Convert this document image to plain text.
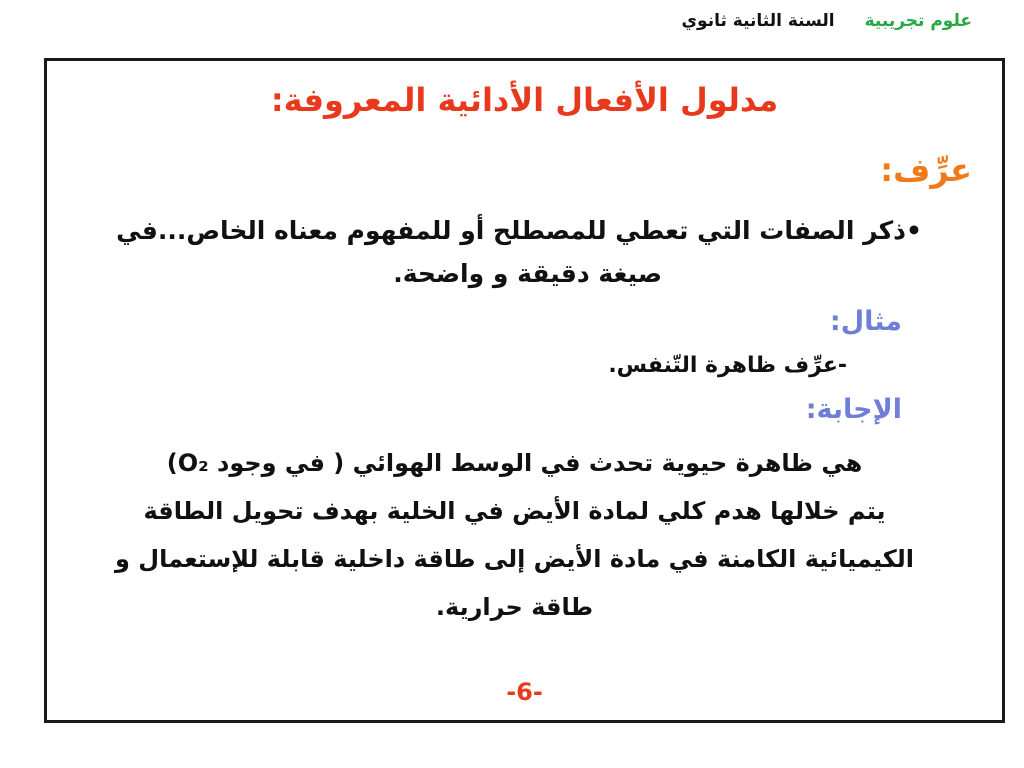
السنة الثانية ثانوي علوم تجريبية
مدلول الأفعال الأدائية المعروفة:
عرِّف:
•ذكر الصفات التي تعطي للمصطلح أو للمفهوم معناه الخاص...في
صيغة دقيقة و واضحة.
مثال:
-عرِّف ظاهرة التّنفس.
الإجابة:
هي ظاهرة حيوية تحدث في الوسط الهوائي ( في وجود O₂)
يتم خلالها هدم كلي لمادة الأيض في الخلية بهدف تحويل الطاقة
الكيميائية الكامنة في مادة الأيض إلى طاقة داخلية قابلة للإستعمال و
طاقة حرارية.
-6-
